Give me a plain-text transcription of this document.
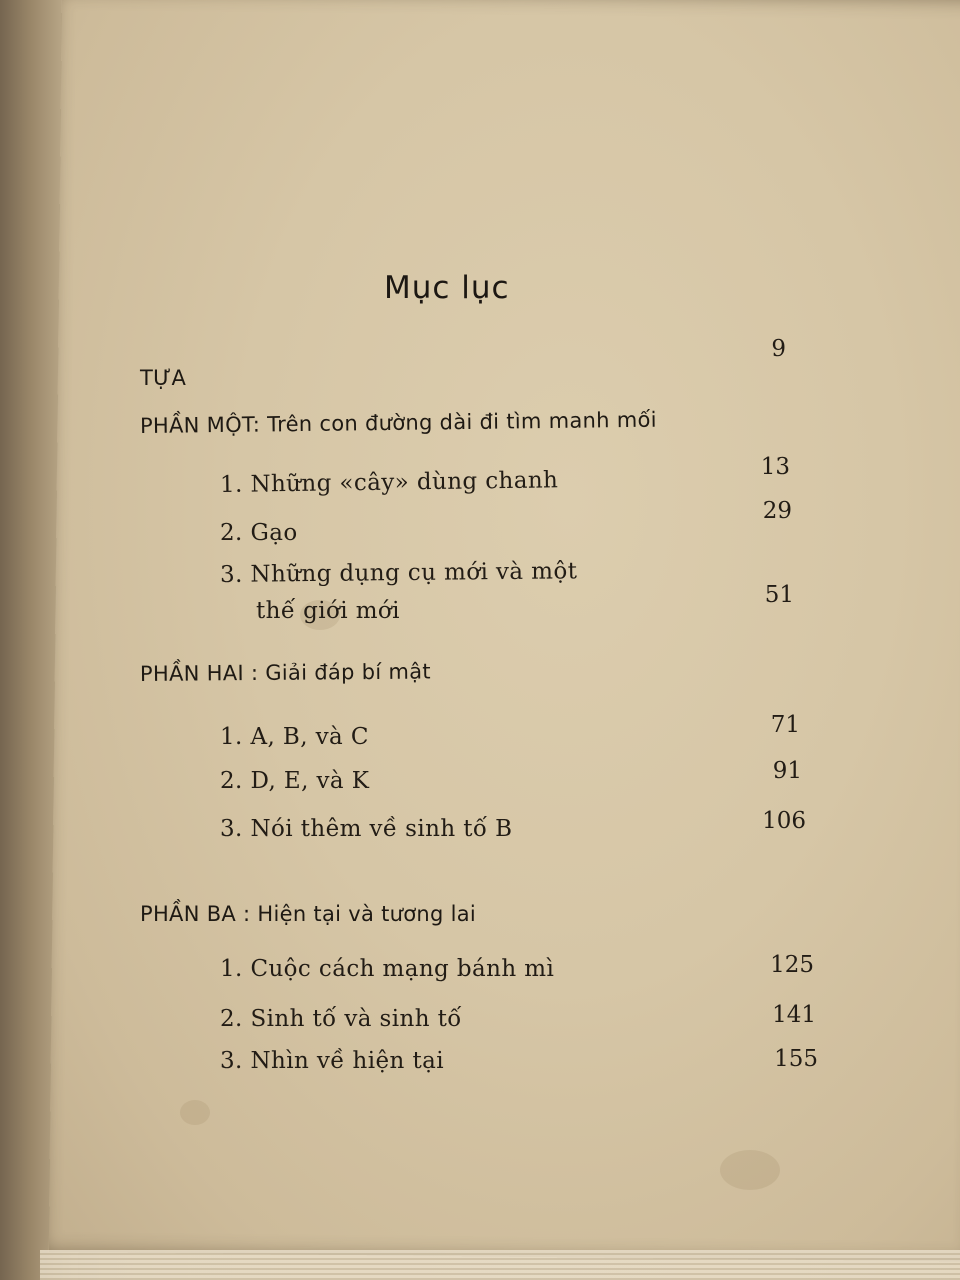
Mục lục
9
TỰA
PHẦN MỘT: Trên con đường dài đi tìm manh mối
13
1. Những «cây» dùng chanh
29
2. Gạo
3. Những dụng cụ mới và một
thế giới mới
51
PHẦN HAI : Giải đáp bí mật
71
1. A, B, và C
91
2. D, E, và K
106
3. Nói thêm về sinh tố B
PHẦN BA : Hiện tại và tương lai
125
1. Cuộc cách mạng bánh mì
141
2. Sinh tố và sinh tố
155
3. Nhìn về hiện tại
